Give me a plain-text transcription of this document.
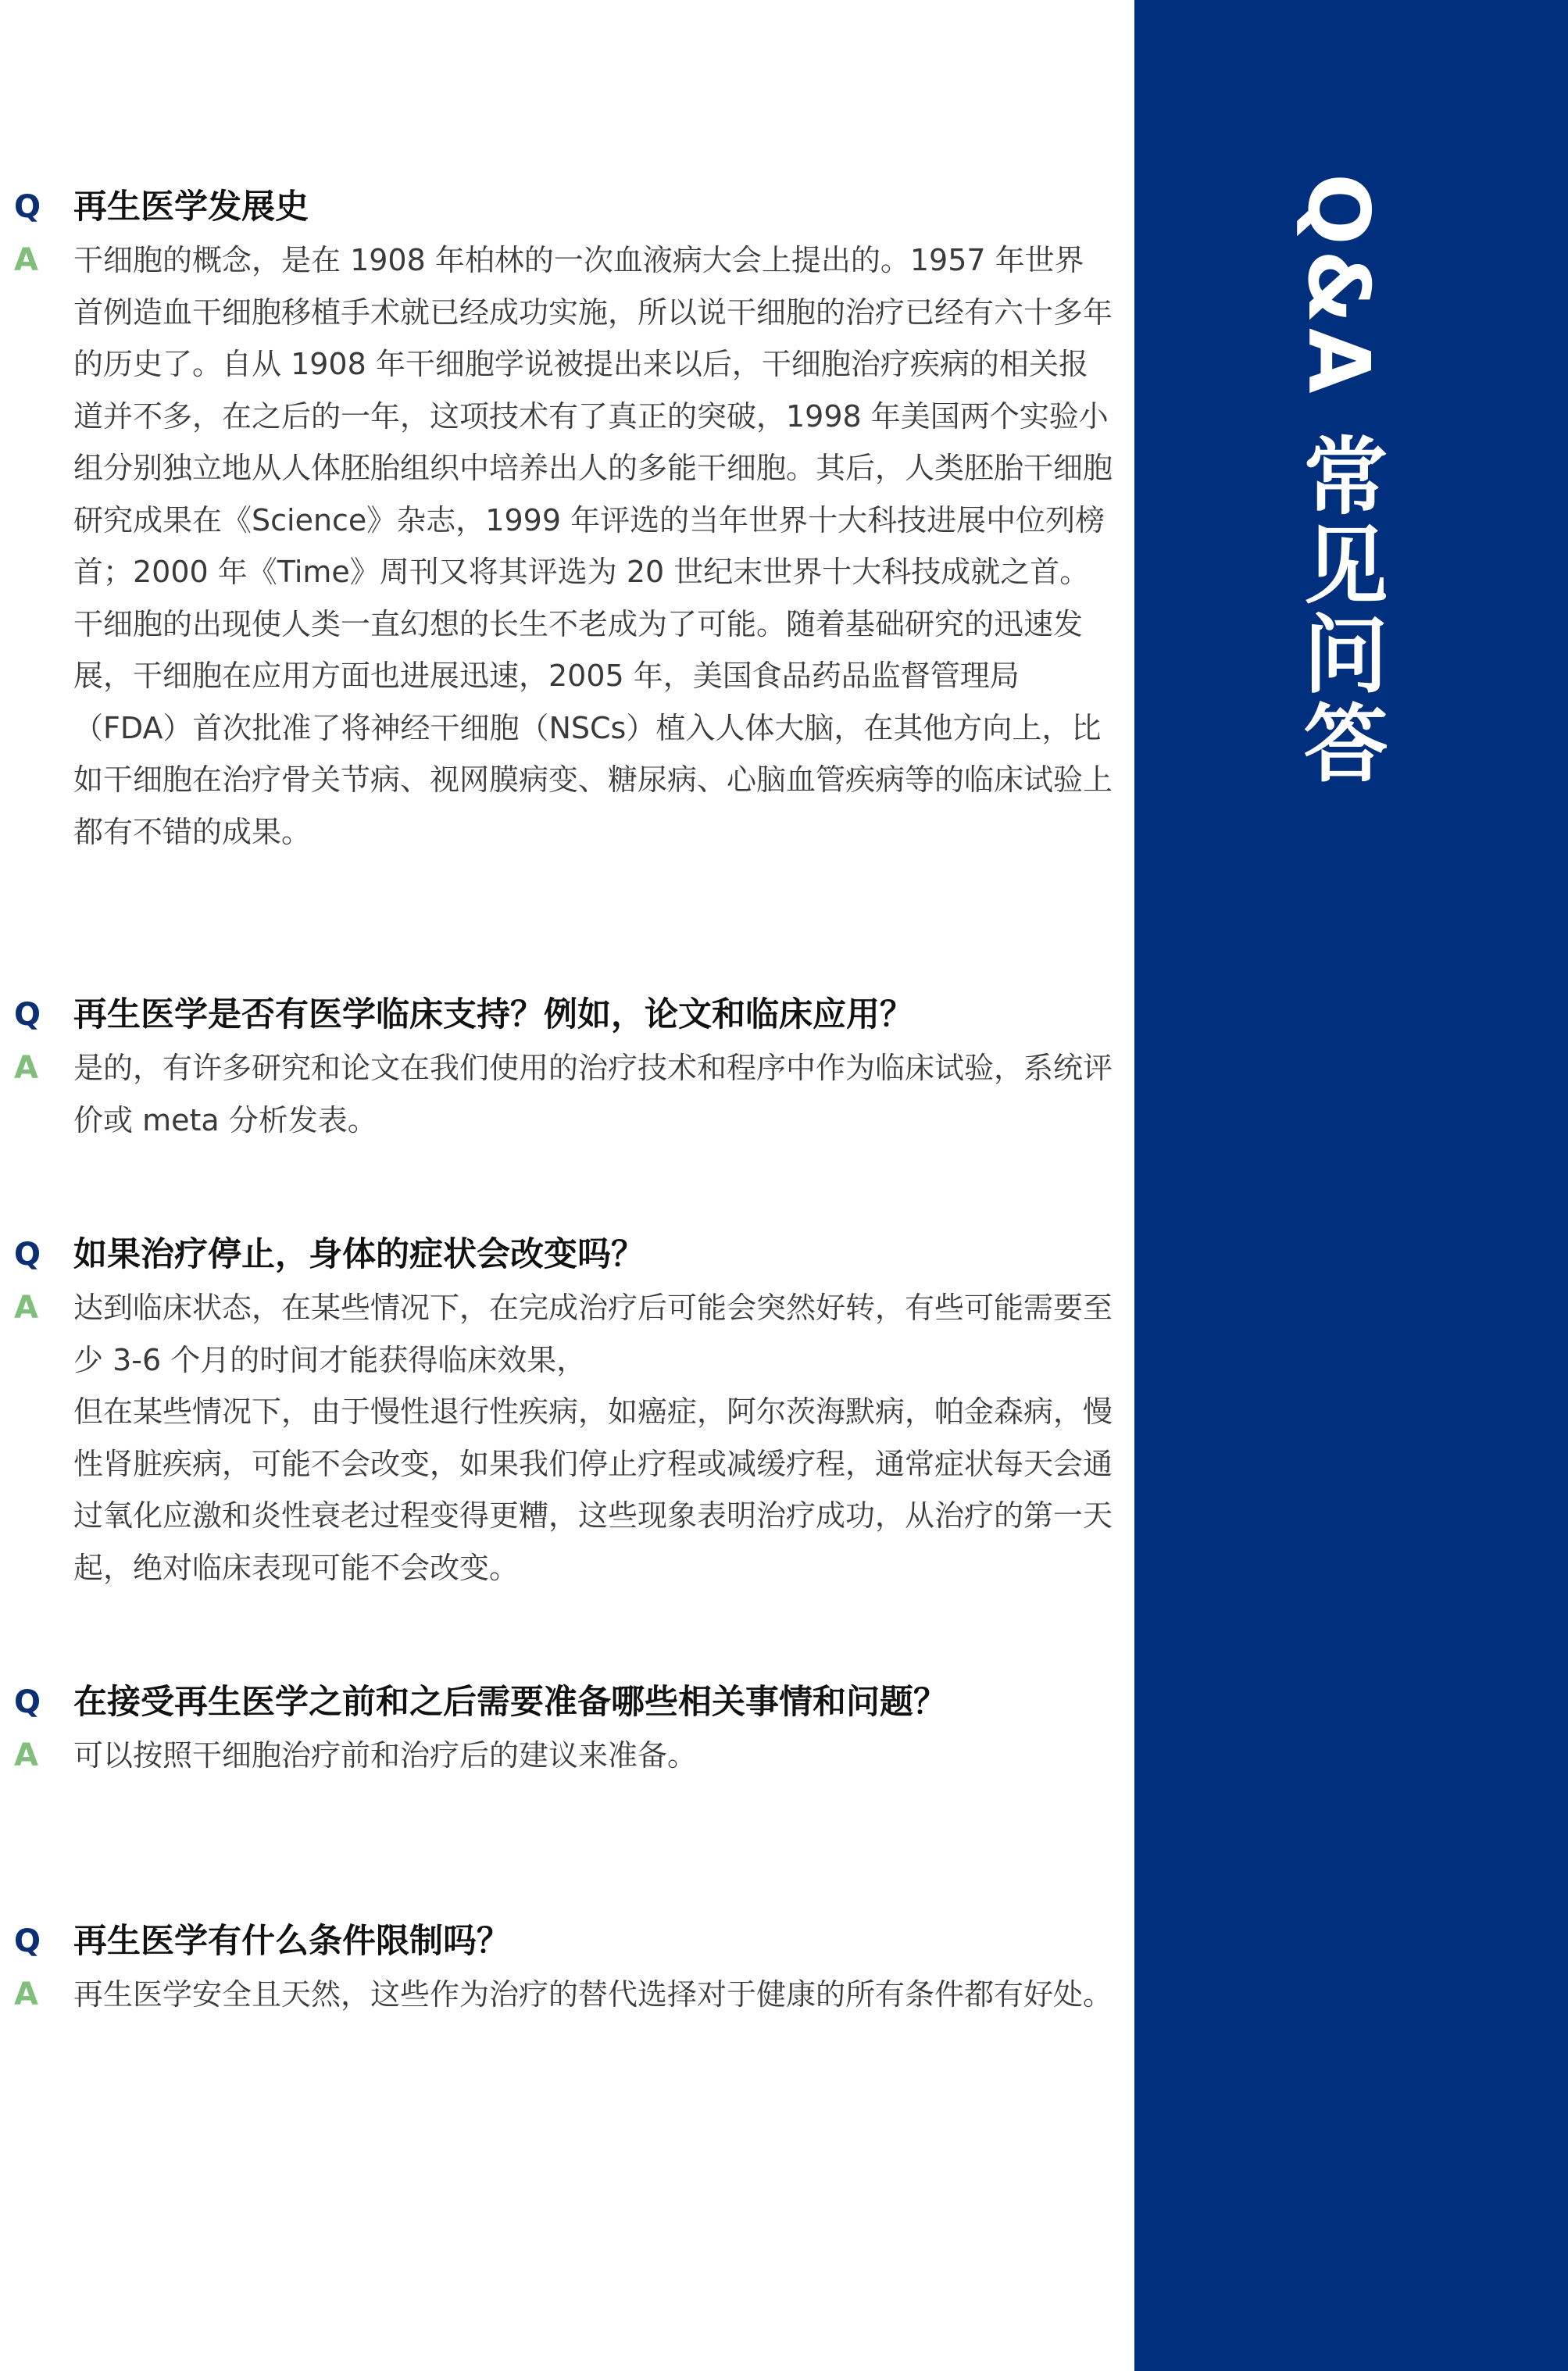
Q 再生医学发展史
A 干细胞的概念，是在 1908 年柏林的一次血液病大会上提出的。1957 年世界首例造血干细胞移植手术就已经成功实施，所以说干细胞的治疗已经有六十多年的历史了。自从 1908 年干细胞学说被提出来以后，干细胞治疗疾病的相关报道并不多，在之后的一年，这项技术有了真正的突破，1998 年美国两个实验小组分别独立地从人体胚胎组织中培养出人的多能干细胞。其后，人类胚胎干细胞研究成果在《Science》杂志，1999 年评选的当年世界十大科技进展中位列榜首；2000 年《Time》周刊又将其评选为 20 世纪末世界十大科技成就之首。干细胞的出现使人类一直幻想的长生不老成为了可能。随着基础研究的迅速发展，干细胞在应用方面也进展迅速，2005 年，美国食品药品监督管理局（FDA）首次批准了将神经干细胞（NSCs）植入人体大脑，在其他方向上，比如干细胞在治疗骨关节病、视网膜病变、糖尿病、心脑血管疾病等的临床试验上都有不错的成果。

Q 再生医学是否有医学临床支持？例如，论文和临床应用？
A 是的，有许多研究和论文在我们使用的治疗技术和程序中作为临床试验，系统评价或 meta 分析发表。

Q 如果治疗停止，身体的症状会改变吗？
A 达到临床状态，在某些情况下，在完成治疗后可能会突然好转，有些可能需要至少 3-6 个月的时间才能获得临床效果，

但在某些情况下，由于慢性退行性疾病，如癌症，阿尔茨海默病，帕金森病，慢性肾脏疾病，可能不会改变，如果我们停止疗程或减缓疗程，通常症状每天会通过氧化应激和炎性衰老过程变得更糟，这些现象表明治疗成功，从治疗的第一天起，绝对临床表现可能不会改变。

Q 在接受再生医学之前和之后需要准备哪些相关事情和问题？
A 可以按照干细胞治疗前和治疗后的建议来准备。

Q 再生医学有什么条件限制吗？
A 再生医学安全且天然，这些作为治疗的替代选择对于健康的所有条件都有好处。

Q&A 常见问答
